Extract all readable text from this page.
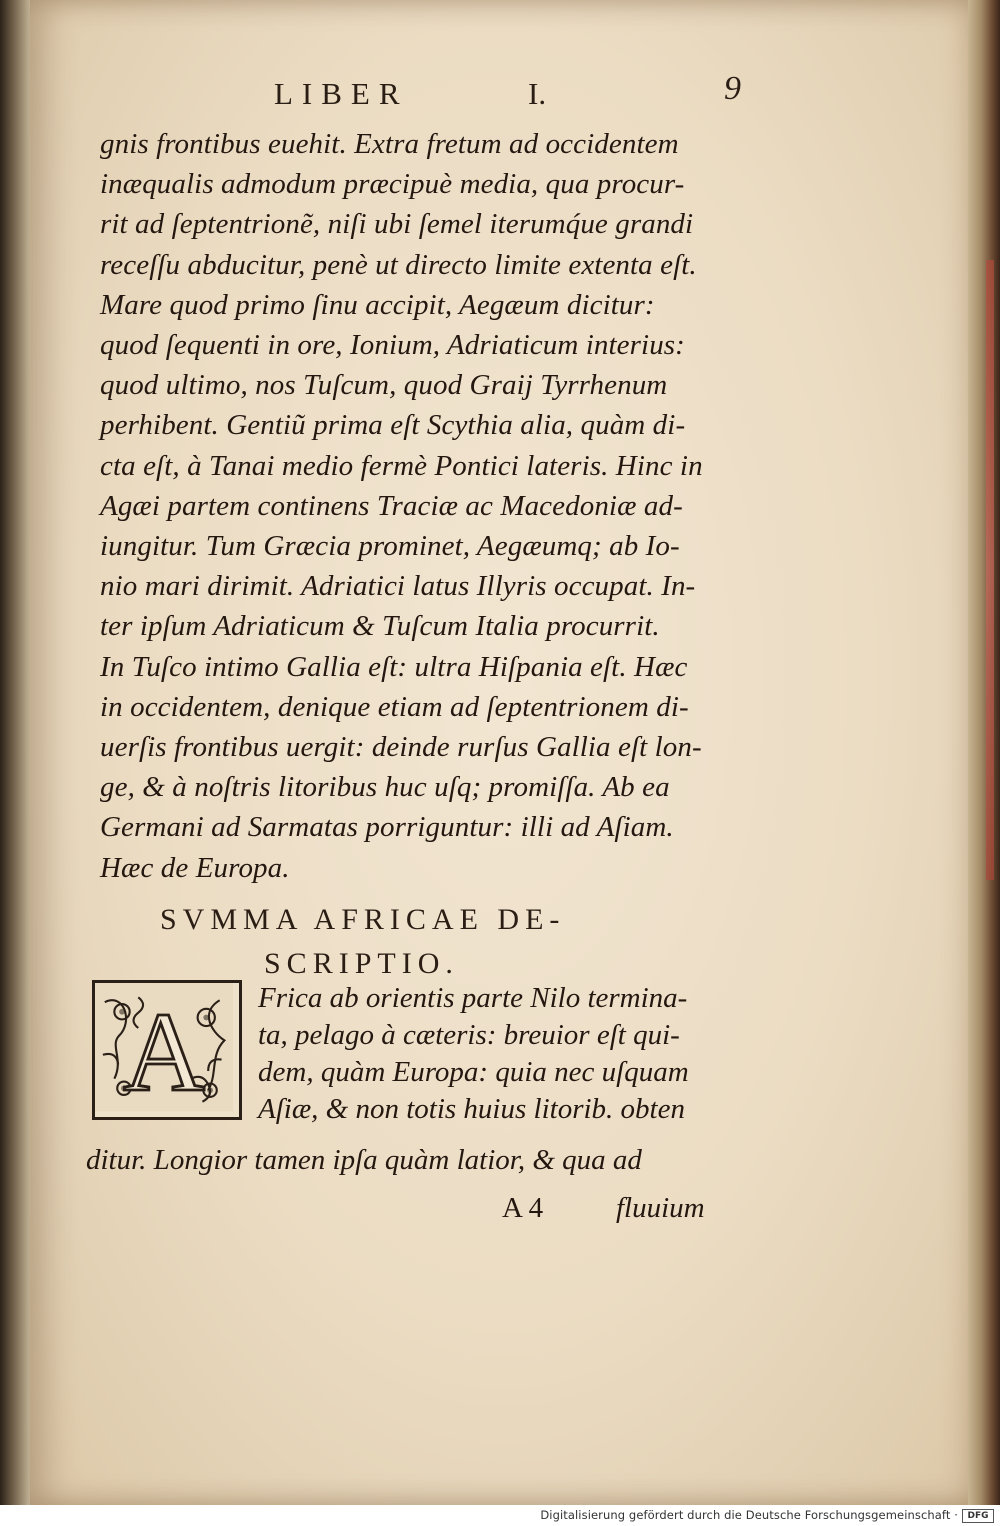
LIBER	I.	9
gnis frontibus euehit. Extra fretum ad occidentem
inæqualis admodum præcipuè media, qua procur-
rit ad ſeptentrionẽ, niſi ubi ſemel iterumq́ue grandi
receſſu abducitur, penè ut directo limite extenta eſt.
Mare quod primo ſinu accipit, Aegæum dicitur:
quod ſequenti in ore, Ionium, Adriaticum interius:
quod ultimo, nos Tuſcum, quod Graij Tyrrhenum
perhibent. Gentiũ prima eſt Scythia alia, quàm di-
cta eſt, à Tanai medio fermè Pontici lateris. Hinc in
Agæi partem continens Traciæ ac Macedoniæ ad-
iungitur. Tum Græcia prominet, Aegæumq; ab Io-
nio mari dirimit. Adriatici latus Illyris occupat. In-
ter ipſum Adriaticum & Tuſcum Italia procurrit.
In Tuſco intimo Gallia eſt: ultra Hiſpania eſt. Hæc
in occidentem, denique etiam ad ſeptentrionem di-
uerſis frontibus uergit: deinde rurſus Gallia eſt lon-
ge, & à noſtris litoribus huc uſq; promiſſa. Ab ea
Germani ad Sarmatas porriguntur: illi ad Aſiam.
Hæc de Europa.
SVMMA AFRICAE DE-
SCRIPTIO.
A Frica ab orientis parte Nilo termina-
ta, pelago à cæteris: breuior eſt qui-
dem, quàm Europa: quia nec uſquam
Aſiæ, & non totis huius litorib. obten
ditur. Longior tamen ipſa quàm latior, & qua ad
A 4	fluuium
Digitalisierung gefördert durch die Deutsche Forschungsgemeinschaft ·	DFG
